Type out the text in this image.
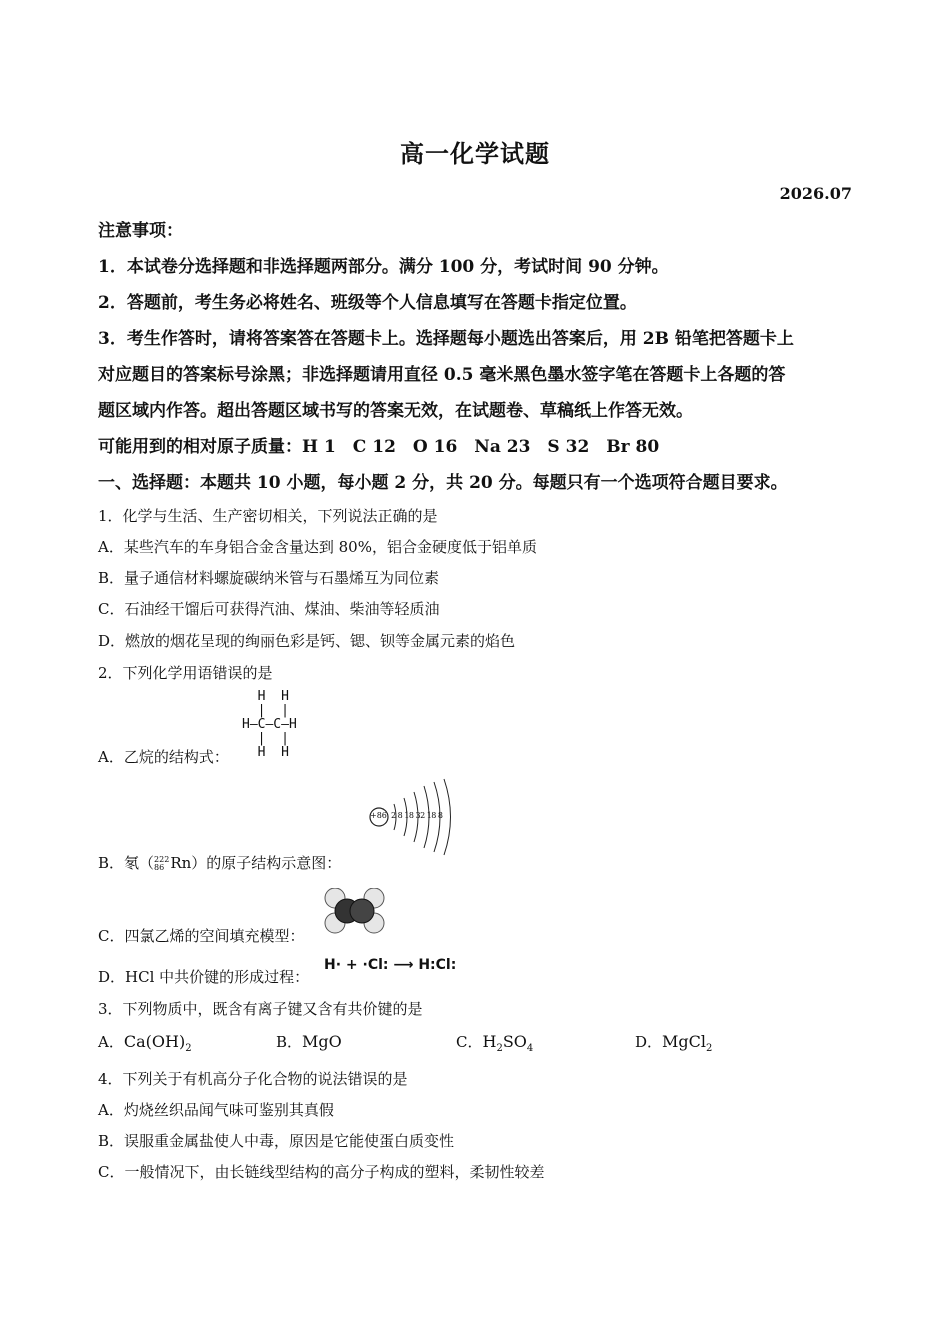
高一化学试题
2026.07
注意事项：
1．本试卷分选择题和非选择题两部分。满分 100 分，考试时间 90 分钟。
2．答题前，考生务必将姓名、班级等个人信息填写在答题卡指定位置。
3．考生作答时，请将答案答在答题卡上。选择题每小题选出答案后，用 2B 铅笔把答题卡上
对应题目的答案标号涂黑；非选择题请用直径 0.5 毫米黑色墨水签字笔在答题卡上各题的答
题区域内作答。超出答题区域书写的答案无效，在试题卷、草稿纸上作答无效。
可能用到的相对原子质量：H 1　C 12　O 16　Na 23　S 32　Br 80
一、选择题：本题共 10 小题，每小题 2 分，共 20 分。每题只有一个选项符合题目要求。
1．化学与生活、生产密切相关，下列说法正确的是
A．某些汽车的车身铝合金含量达到 80%，铝合金硬度低于铝单质
B．量子通信材料螺旋碳纳米管与石墨烯互为同位素
C．石油经干馏后可获得汽油、煤油、柴油等轻质油
D．燃放的烟花呈现的绚丽色彩是钙、锶、钡等金属元素的焰色
2．下列化学用语错误的是
H  H
|  |
H—C—C—H
|  |
H  H
A．乙烷的结构式：
+86 2 8 18 32 18 8
B．氡（ 222
86 Rn）的原子结构示意图：
C．四氯乙烯的空间填充模型：
D．HCl 中共价键的形成过程：
H· + ·Cl: ⟶ H:Cl:
3．下列物质中，既含有离子键又含有共价键的是
A．$Ca(OH)_2$	B．MgO	C．$H_2SO_4$	D．MgCl$_2$
4．下列关于有机高分子化合物的说法错误的是
A．灼烧丝织品闻气味可鉴别其真假
B．误服重金属盐使人中毒，原因是它能使蛋白质变性
C．一般情况下，由长链线型结构的高分子构成的塑料，柔韧性较差
